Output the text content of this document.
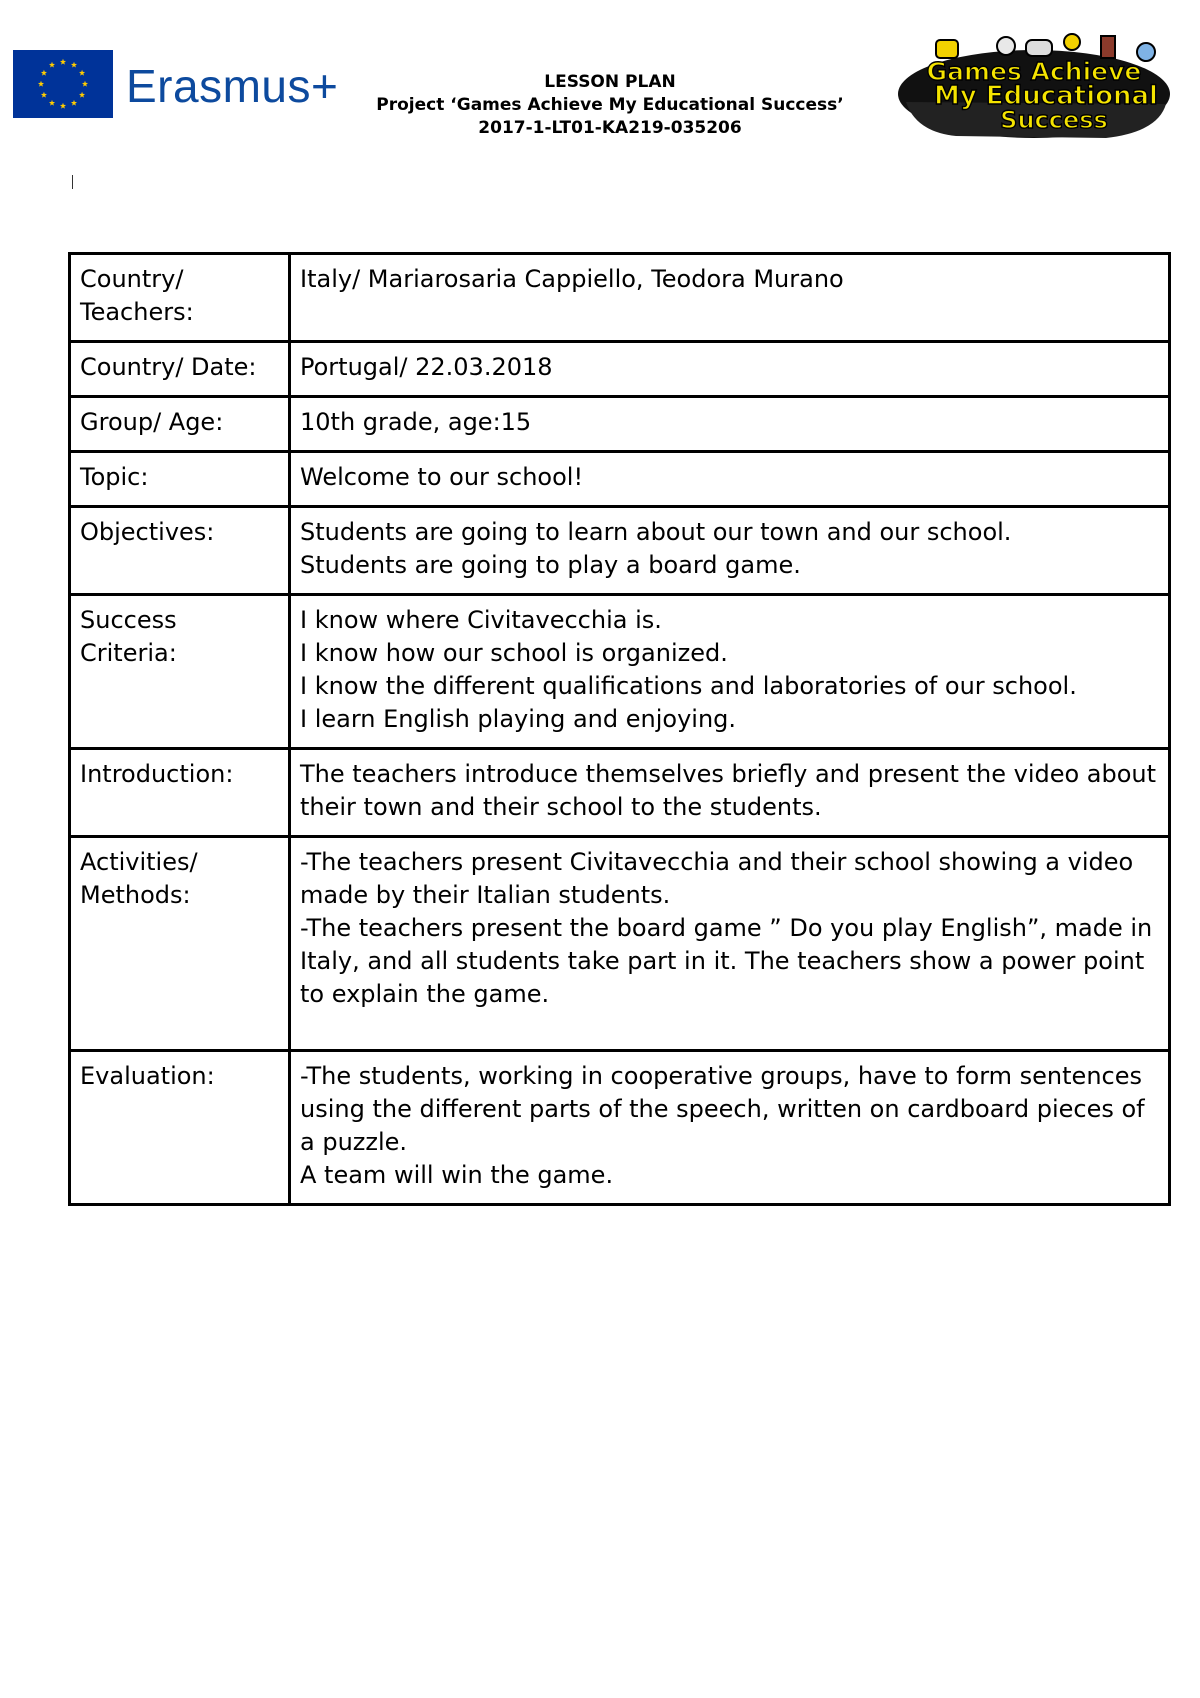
Erasmus+	LESSON PLAN
Project ‘Games Achieve My Educational Success’
2017-1-LT01-KA219-035206
Games Achieve
My Educational
Success
Country/ Teachers:	Italy/ Mariarosaria Cappiello, Teodora Murano

Country/ Date:	Portugal/ 22.03.2018

Group/ Age:	10th grade, age:15

Topic:	Welcome to our school!

Objectives:	Students are going to learn about our town and our school.
Students are going to play a board game.

Success Criteria:	I know where Civitavecchia is.
I know how our school is organized.
I know the different qualifications and laboratories of our school.
I learn English playing and enjoying.

Introduction:	The teachers introduce themselves briefly and present the video about their town and their school to the students.

Activities/ Methods:	-The teachers present Civitavecchia and their school showing a video made by their Italian students.
-The teachers present the board game ” Do you play English”, made in Italy, and all students take part in it. The teachers show a power point to explain the game.

Evaluation:	-The students, working in cooperative groups, have to form sentences using the different parts of the speech, written on cardboard pieces of a puzzle.
A team will win the game.
